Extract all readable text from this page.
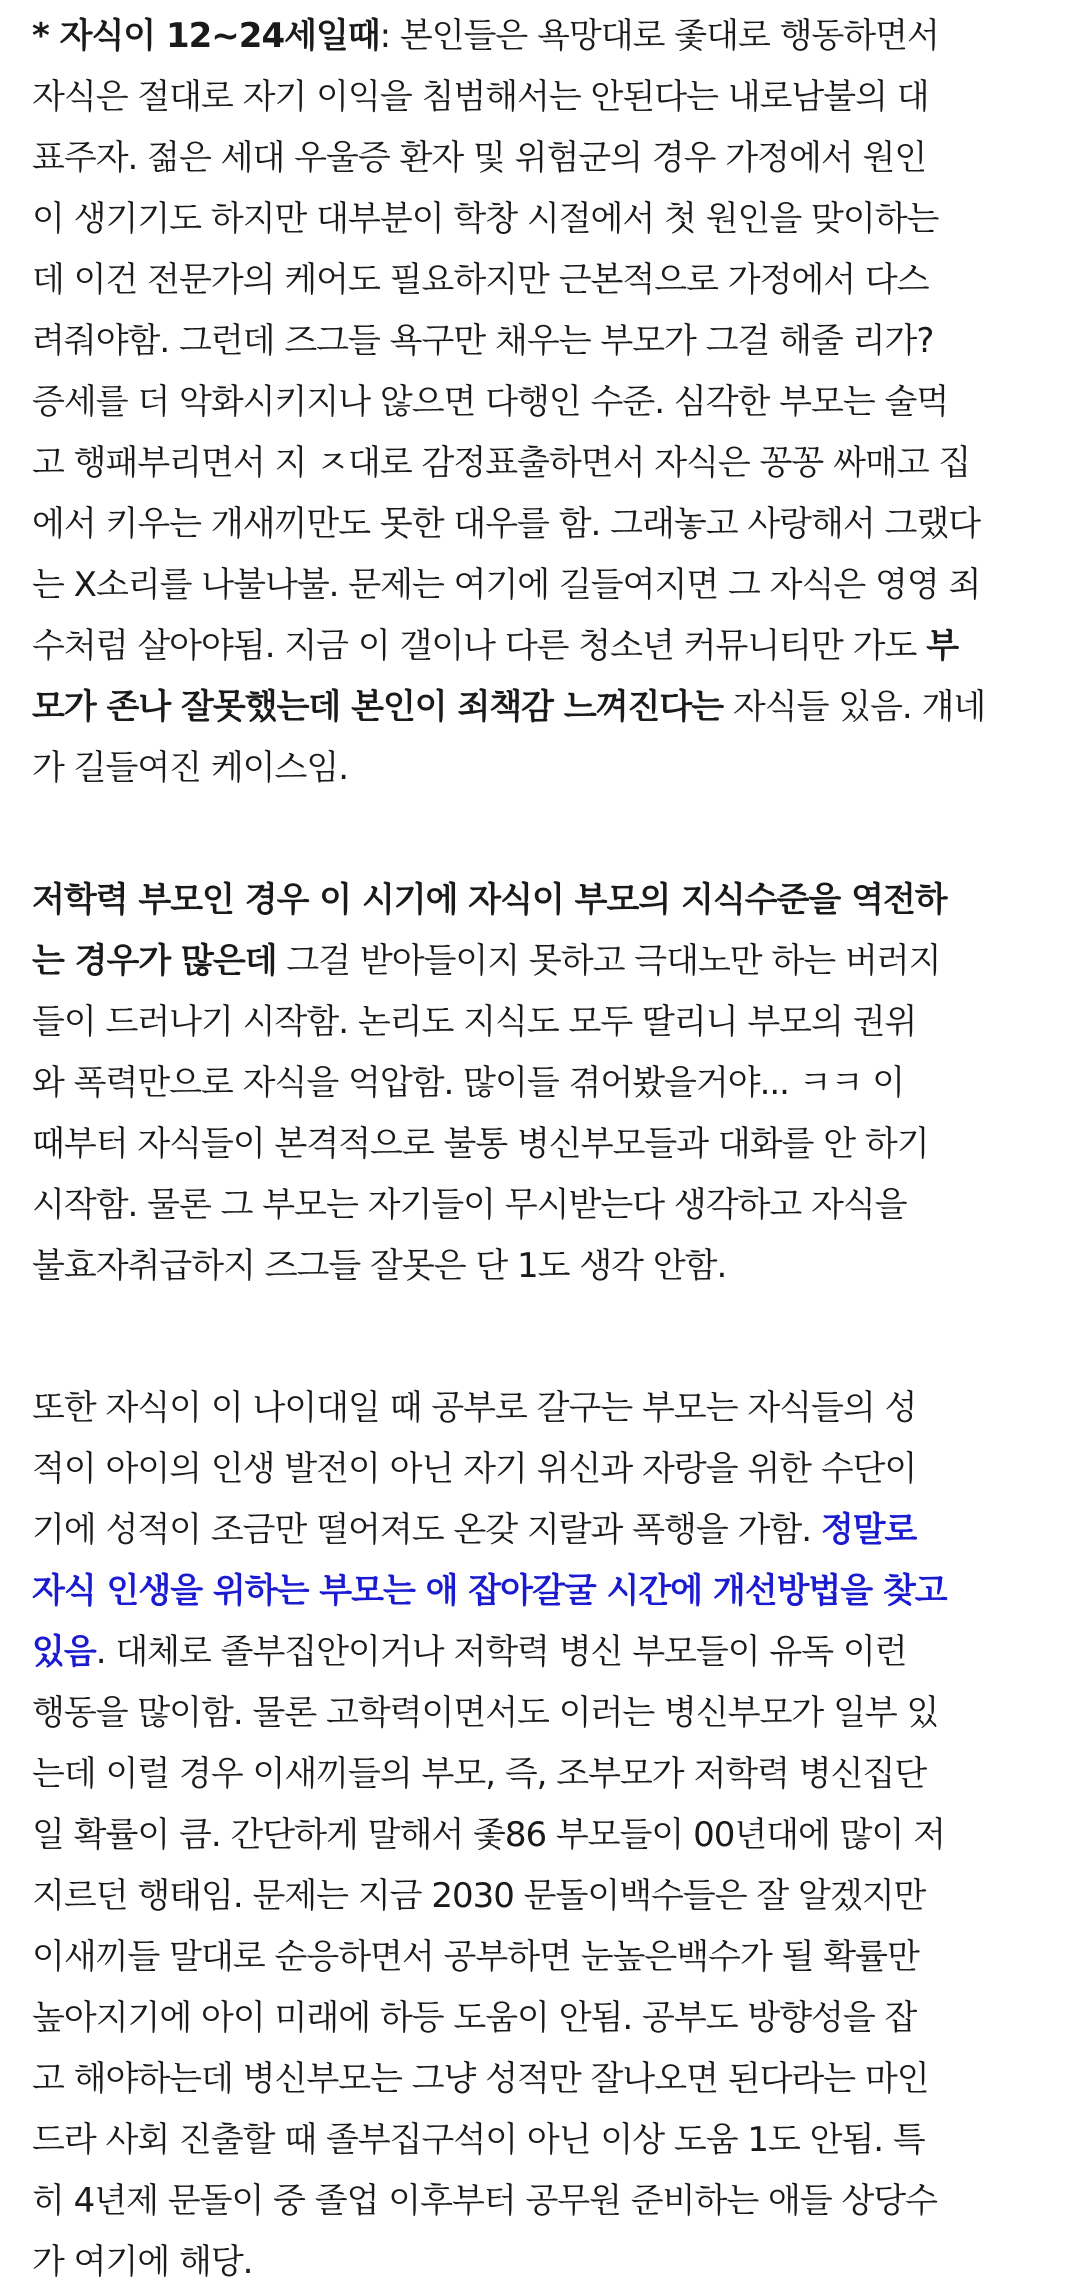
* 자식이 12~24세일때: 본인들은 욕망대로 좇대로 행동하면서
자식은 절대로 자기 이익을 침범해서는 안된다는 내로남불의 대
표주자. 젊은 세대 우울증 환자 및 위험군의 경우 가정에서 원인
이 생기기도 하지만 대부분이 학창 시절에서 첫 원인을 맞이하는
데 이건 전문가의 케어도 필요하지만 근본적으로 가정에서 다스
려줘야함. 그런데 즈그들 욕구만 채우는 부모가 그걸 해줄 리가?
증세를 더 악화시키지나 않으면 다행인 수준. 심각한 부모는 술먹
고 행패부리면서 지 ㅈ대로 감정표출하면서 자식은 꽁꽁 싸매고 집
에서 키우는 개새끼만도 못한 대우를 함. 그래놓고 사랑해서 그랬다
는 X소리를 나불나불. 문제는 여기에 길들여지면 그 자식은 영영 죄
수처럼 살아야됨. 지금 이 갤이나 다른 청소년 커뮤니티만 가도 부
모가 존나 잘못했는데 본인이 죄책감 느껴진다는 자식들 있음. 걔네
가 길들여진 케이스임.

저학력 부모인 경우 이 시기에 자식이 부모의 지식수준을 역전하
는 경우가 많은데 그걸 받아들이지 못하고 극대노만 하는 버러지
들이 드러나기 시작함. 논리도 지식도 모두 딸리니 부모의 권위
와 폭력만으로 자식을 억압함. 많이들 겪어봤을거야... ㅋㅋ 이
때부터 자식들이 본격적으로 불통 병신부모들과 대화를 안 하기
시작함. 물론 그 부모는 자기들이 무시받는다 생각하고 자식을
불효자취급하지 즈그들 잘못은 단 1도 생각 안함.

또한 자식이 이 나이대일 때 공부로 갈구는 부모는 자식들의 성
적이 아이의 인생 발전이 아닌 자기 위신과 자랑을 위한 수단이
기에 성적이 조금만 떨어져도 온갖 지랄과 폭행을 가함. 정말로
자식 인생을 위하는 부모는 애 잡아갈굴 시간에 개선방법을 찾고
있음. 대체로 졸부집안이거나 저학력 병신 부모들이 유독 이런
행동을 많이함. 물론 고학력이면서도 이러는 병신부모가 일부 있
는데 이럴 경우 이새끼들의 부모, 즉, 조부모가 저학력 병신집단
일 확률이 큼. 간단하게 말해서 좇86 부모들이 00년대에 많이 저
지르던 행태임. 문제는 지금 2030 문돌이백수들은 잘 알겠지만
이새끼들 말대로 순응하면서 공부하면 눈높은백수가 될 확률만
높아지기에 아이 미래에 하등 도움이 안됨. 공부도 방향성을 잡
고 해야하는데 병신부모는 그냥 성적만 잘나오면 된다라는 마인
드라 사회 진출할 때 졸부집구석이 아닌 이상 도움 1도 안됨. 특
히 4년제 문돌이 중 졸업 이후부터 공무원 준비하는 애들 상당수
가 여기에 해당.
